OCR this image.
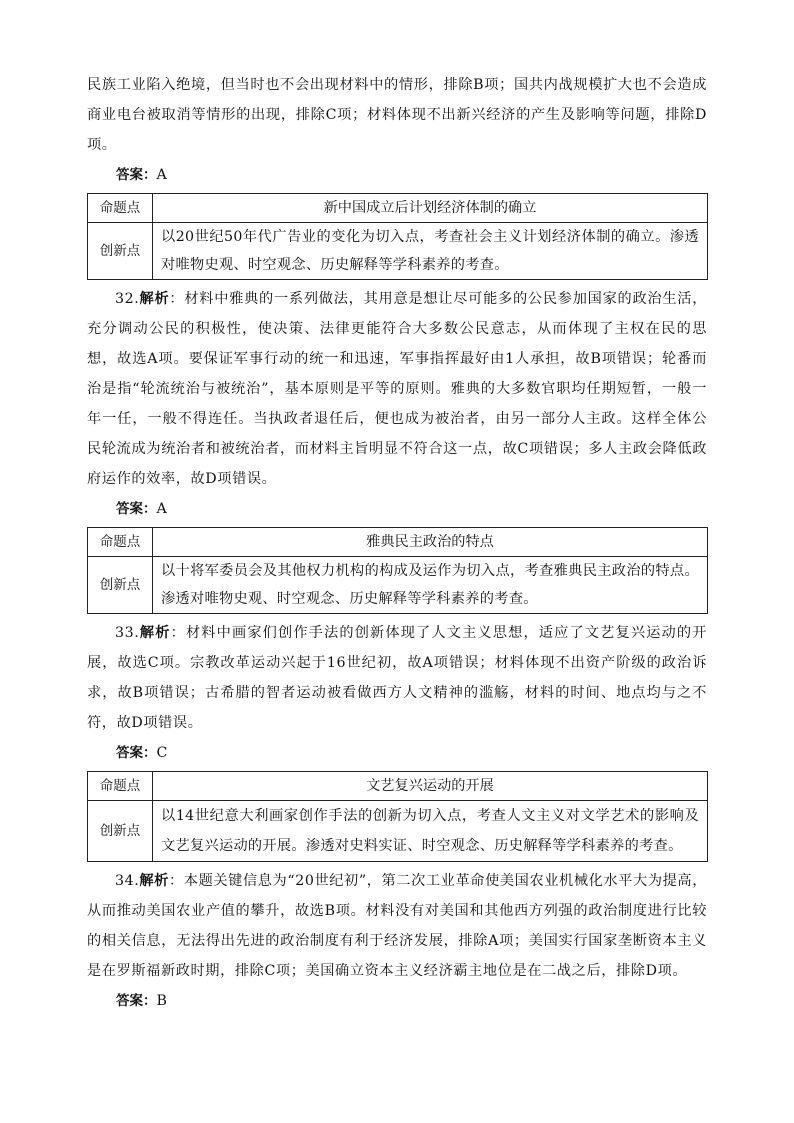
民族工业陷入绝境，但当时也不会出现材料中的情形，排除B项；国共内战规模扩大也不会造成商业电台被取消等情形的出现，排除C项；材料体现不出新兴经济的产生及影响等问题，排除D项。

答案：A

命题点	新中国成立后计划经济体制的确立
创新点	以20世纪50年代广告业的变化为切入点，考查社会主义计划经济体制的确立。渗透对唯物史观、时空观念、历史解释等学科素养的考查。

32.解析：材料中雅典的一系列做法，其用意是想让尽可能多的公民参加国家的政治生活，充分调动公民的积极性，使决策、法律更能符合大多数公民意志，从而体现了主权在民的思想，故选A项。要保证军事行动的统一和迅速，军事指挥最好由1人承担，故B项错误；轮番而治是指“轮流统治与被统治”，基本原则是平等的原则。雅典的大多数官职均任期短暂，一般一年一任，一般不得连任。当执政者退任后，便也成为被治者，由另一部分人主政。这样全体公民轮流成为统治者和被统治者，而材料主旨明显不符合这一点，故C项错误；多人主政会降低政府运作的效率，故D项错误。

答案：A

命题点	雅典民主政治的特点
创新点	以十将军委员会及其他权力机构的构成及运作为切入点，考查雅典民主政治的特点。渗透对唯物史观、时空观念、历史解释等学科素养的考查。

33.解析：材料中画家们创作手法的创新体现了人文主义思想，适应了文艺复兴运动的开展，故选C项。宗教改革运动兴起于16世纪初，故A项错误；材料体现不出资产阶级的政治诉求，故B项错误；古希腊的智者运动被看做西方人文精神的滥觞，材料的时间、地点均与之不符，故D项错误。

答案：C

命题点	文艺复兴运动的开展
创新点	以14世纪意大利画家创作手法的创新为切入点，考查人文主义对文学艺术的影响及文艺复兴运动的开展。渗透对史料实证、时空观念、历史解释等学科素养的考查。

34.解析：本题关键信息为“20世纪初”，第二次工业革命使美国农业机械化水平大为提高，从而推动美国农业产值的攀升，故选B项。材料没有对美国和其他西方列强的政治制度进行比较的相关信息，无法得出先进的政治制度有利于经济发展，排除A项；美国实行国家垄断资本主义是在罗斯福新政时期，排除C项；美国确立资本主义经济霸主地位是在二战之后，排除D项。

答案：B
